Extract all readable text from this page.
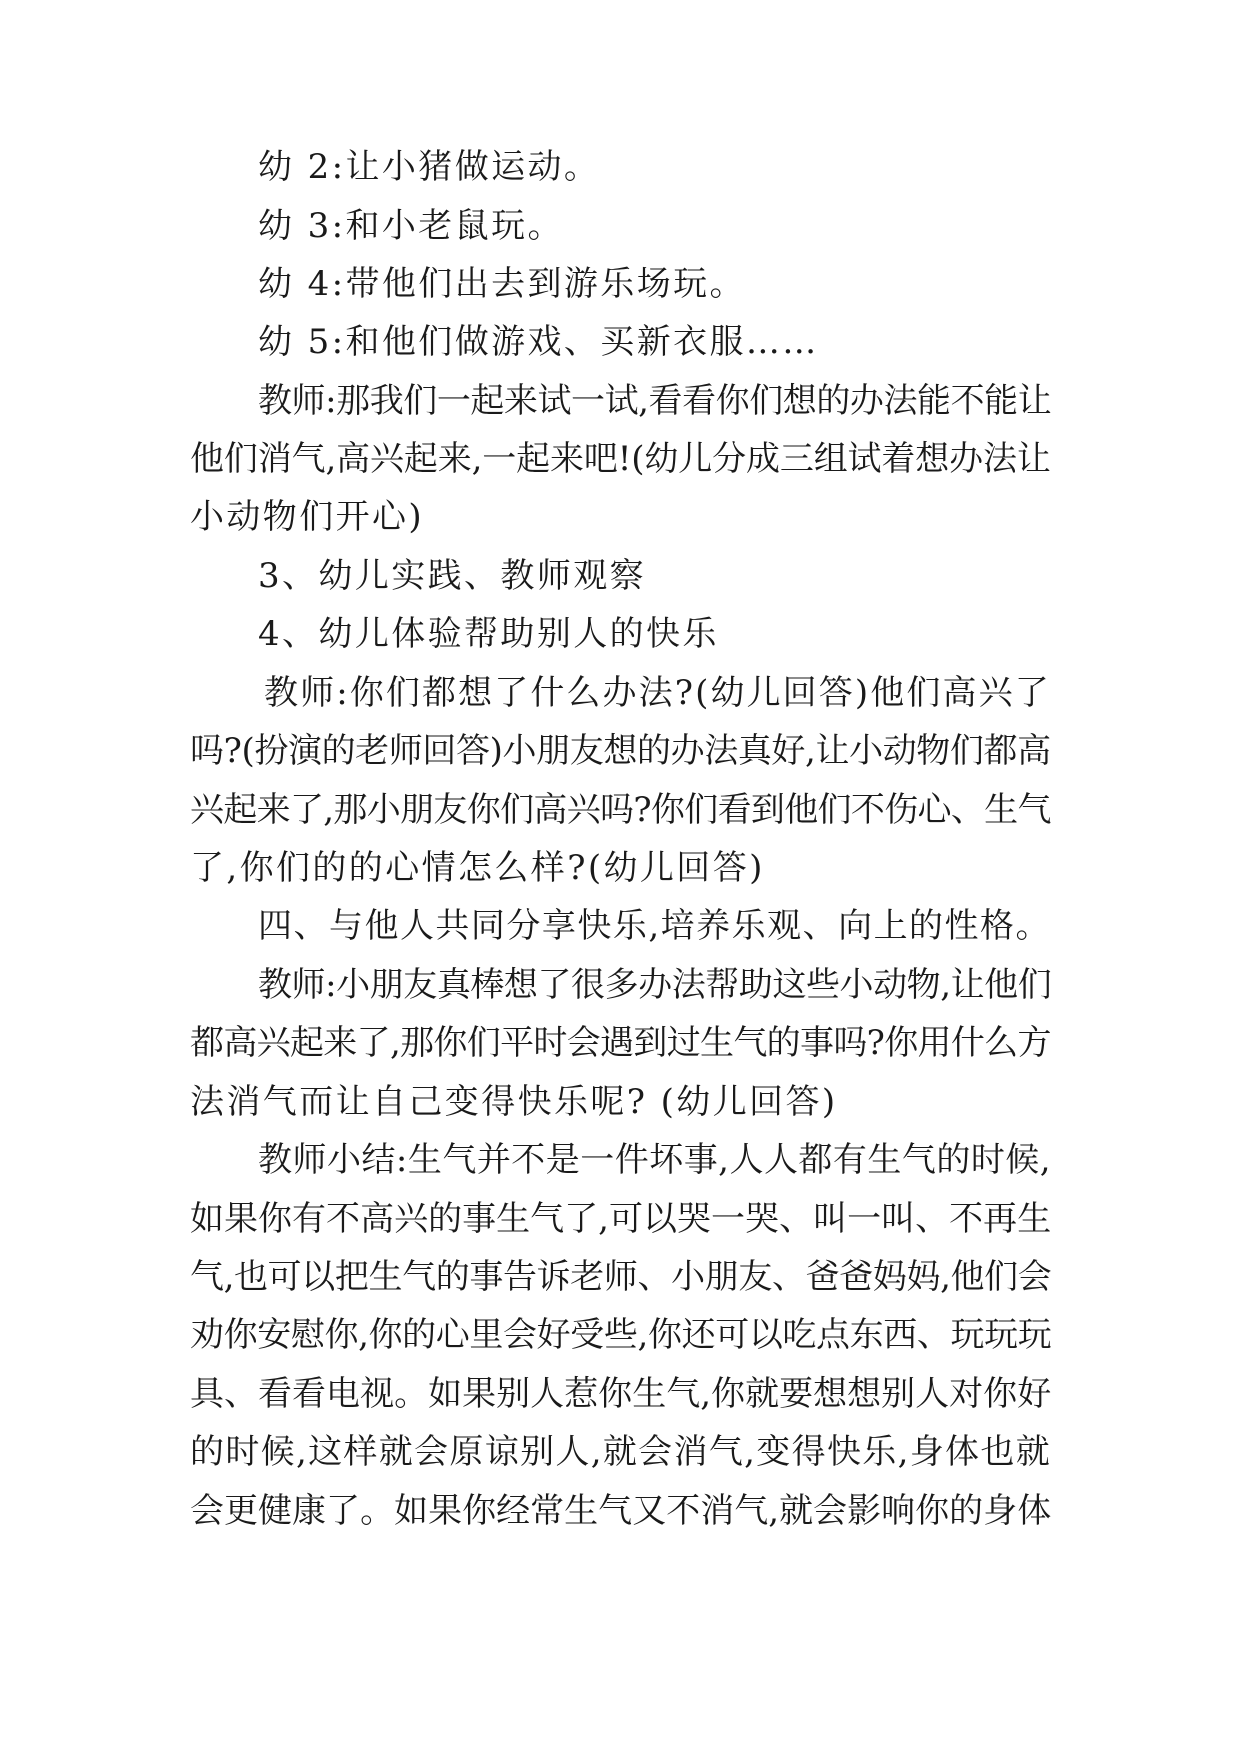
幼 2:让小猪做运动。
幼 3:和小老鼠玩。
幼 4:带他们出去到游乐场玩。
幼 5:和他们做游戏、买新衣服……
教师:那我们一起来试一试,看看你们想的办法能不能让
他们消气,高兴起来,一起来吧!(幼儿分成三组试着想办法让
小动物们开心)
3、幼儿实践、教师观察
4、幼儿体验帮助别人的快乐
教师:你们都想了什么办法?(幼儿回答)他们高兴了
吗?(扮演的老师回答)小朋友想的办法真好,让小动物们都高
兴起来了,那小朋友你们高兴吗?你们看到他们不伤心、生气
了,你们的的心情怎么样?(幼儿回答)
四、与他人共同分享快乐,培养乐观、向上的性格。
教师:小朋友真棒想了很多办法帮助这些小动物,让他们
都高兴起来了,那你们平时会遇到过生气的事吗?你用什么方
法消气而让自己变得快乐呢? (幼儿回答)
教师小结:生气并不是一件坏事,人人都有生气的时候,
如果你有不高兴的事生气了,可以哭一哭、叫一叫、不再生
气,也可以把生气的事告诉老师、小朋友、爸爸妈妈,他们会
劝你安慰你,你的心里会好受些,你还可以吃点东西、玩玩玩
具、看看电视。如果别人惹你生气,你就要想想别人对你好
的时候,这样就会原谅别人,就会消气,变得快乐,身体也就
会更健康了。如果你经常生气又不消气,就会影响你的身体
